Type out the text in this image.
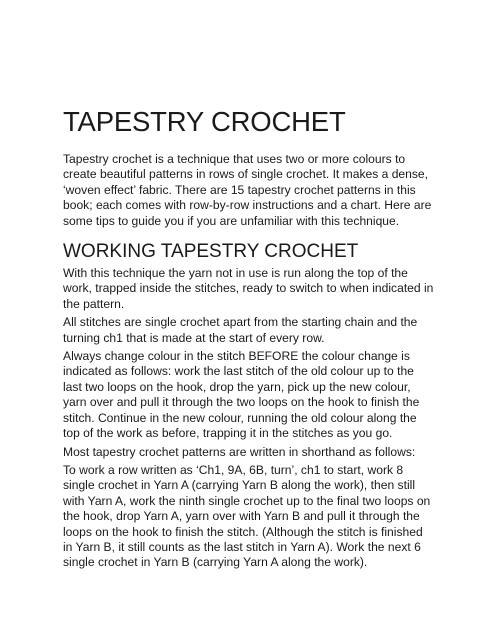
TAPESTRY CROCHET

Tapestry crochet is a technique that uses two or more colours to create beautiful patterns in rows of single crochet. It makes a dense, ‘woven effect’ fabric. There are 15 tapestry crochet patterns in this book; each comes with row-by-row instructions and a chart. Here are some tips to guide you if you are unfamiliar with this technique.

WORKING TAPESTRY CROCHET

With this technique the yarn not in use is run along the top of the work, trapped inside the stitches, ready to switch to when indicated in the pattern.

All stitches are single crochet apart from the starting chain and the turning ch1 that is made at the start of every row.

Always change colour in the stitch BEFORE the colour change is indicated as follows: work the last stitch of the old colour up to the last two loops on the hook, drop the yarn, pick up the new colour, yarn over and pull it through the two loops on the hook to finish the stitch. Continue in the new colour, running the old colour along the top of the work as before, trapping it in the stitches as you go.

Most tapestry crochet patterns are written in shorthand as follows:

To work a row written as ‘Ch1, 9A, 6B, turn’, ch1 to start, work 8 single crochet in Yarn A (carrying Yarn B along the work), then still with Yarn A, work the ninth single crochet up to the final two loops on the hook, drop Yarn A, yarn over with Yarn B and pull it through the loops on the hook to finish the stitch. (Although the stitch is finished in Yarn B, it still counts as the last stitch in Yarn A). Work the next 6 single crochet in Yarn B (carrying Yarn A along the work).
